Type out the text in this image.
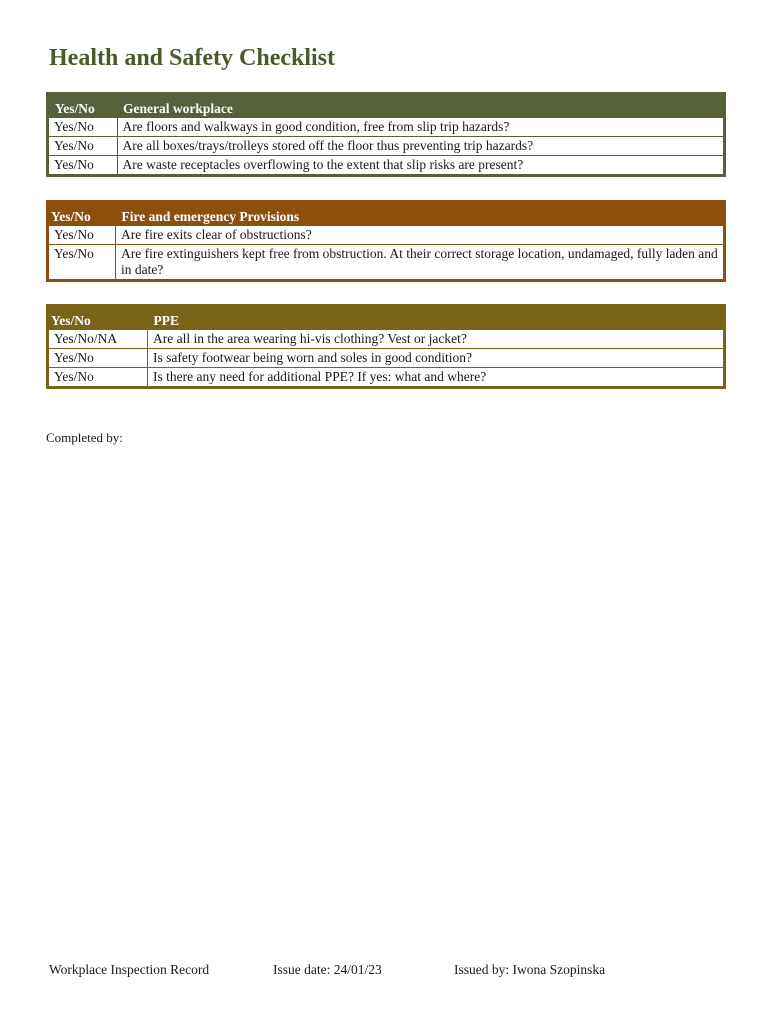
Health and Safety Checklist
Yes/No	General workplace
Yes/No	Are floors and walkways in good condition, free from slip trip hazards?
Yes/No	Are all boxes/trays/trolleys stored off the floor thus preventing trip hazards?
Yes/No	Are waste receptacles overflowing to the extent that slip risks are present?
Yes/No	Fire and emergency Provisions
Yes/No	Are fire exits clear of obstructions?
Yes/No	Are fire extinguishers kept free from obstruction. At their correct storage location, undamaged, fully laden and in date?
Yes/No	PPE
Yes/No/NA	Are all in the area wearing hi-vis clothing? Vest or jacket?
Yes/No	Is safety footwear being worn and soles in good condition?
Yes/No	Is there any need for additional PPE? If yes: what and where?
Completed by:
Workplace Inspection Record	Issue date: 24/01/23	Issued by: Iwona Szopinska
